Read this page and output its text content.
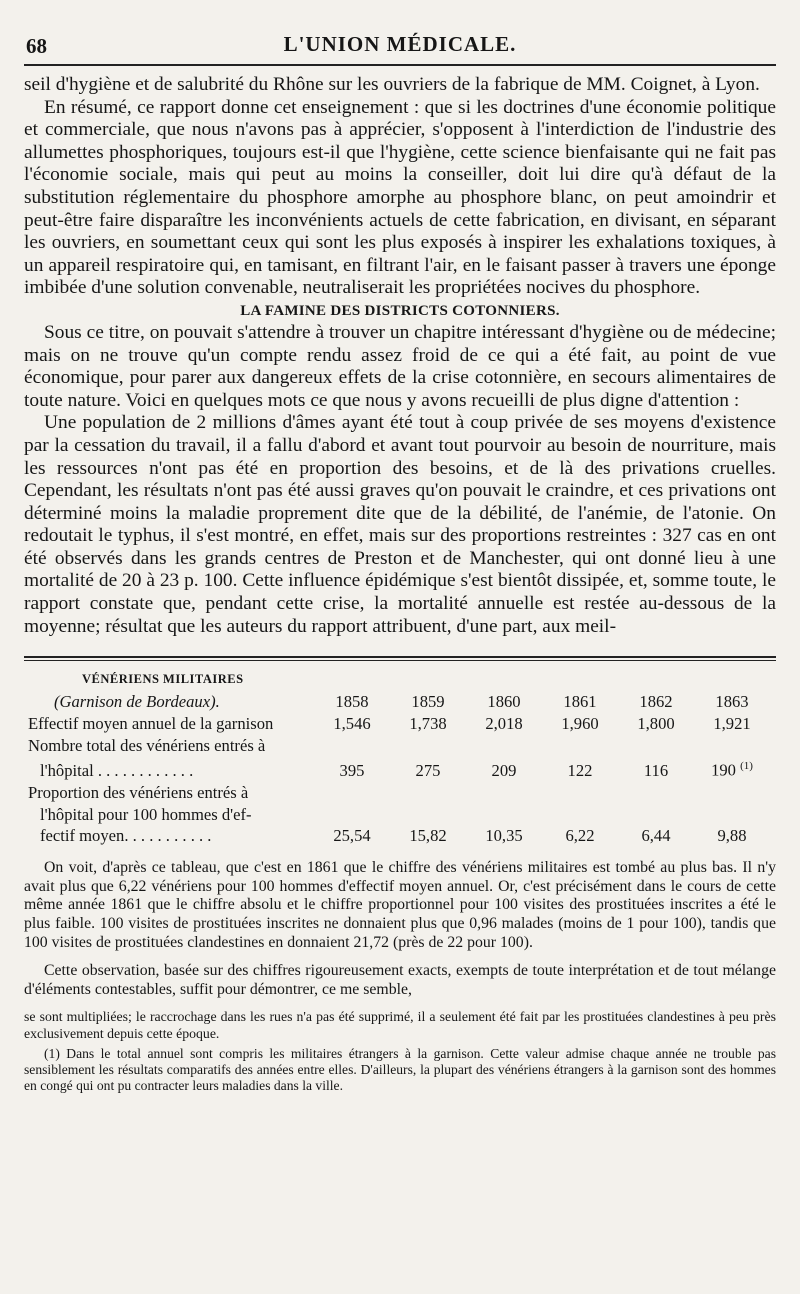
68	L'UNION MÉDICALE.

seil d'hygiène et de salubrité du Rhône sur les ouvriers de la fabrique de MM. Coignet, à Lyon.

En résumé, ce rapport donne cet enseignement : que si les doctrines d'une économie politique et commerciale, que nous n'avons pas à apprécier, s'opposent à l'interdiction de l'industrie des allumettes phosphoriques, toujours est-il que l'hygiène, cette science bienfaisante qui ne fait pas l'économie sociale, mais qui peut au moins la conseiller, doit lui dire qu'à défaut de la substitution réglementaire du phosphore amorphe au phosphore blanc, on peut amoindrir et peut-être faire disparaître les inconvénients actuels de cette fabrication, en divisant, en séparant les ouvriers, en soumettant ceux qui sont les plus exposés à inspirer les exhalations toxiques, à un appareil respiratoire qui, en tamisant, en filtrant l'air, en le faisant passer à travers une éponge imbibée d'une solution convenable, neutraliserait les propriétées nocives du phosphore.

LA FAMINE DES DISTRICTS COTONNIERS.

Sous ce titre, on pouvait s'attendre à trouver un chapitre intéressant d'hygiène ou de médecine; mais on ne trouve qu'un compte rendu assez froid de ce qui a été fait, au point de vue économique, pour parer aux dangereux effets de la crise cotonnière, en secours alimentaires de toute nature. Voici en quelques mots ce que nous y avons recueilli de plus digne d'attention :

Une population de 2 millions d'âmes ayant été tout à coup privée de ses moyens d'existence par la cessation du travail, il a fallu d'abord et avant tout pourvoir au besoin de nourriture, mais les ressources n'ont pas été en proportion des besoins, et de là des privations cruelles. Cependant, les résultats n'ont pas été aussi graves qu'on pouvait le craindre, et ces privations ont déterminé moins la maladie proprement dite que de la débilité, de l'anémie, de l'atonie. On redoutait le typhus, il s'est montré, en effet, mais sur des proportions restreintes : 327 cas en ont été observés dans les grands centres de Preston et de Manchester, qui ont donné lieu à une mortalité de 20 à 23 p. 100. Cette influence épidémique s'est bientôt dissipée, et, somme toute, le rapport constate que, pendant cette crise, la mortalité annuelle est restée au-dessous de la moyenne; résultat que les auteurs du rapport attribuent, d'une part, aux meil-

VÉNÉRIENS MILITAIRES
(Garnison de Bordeaux).	1858	1859	1860	1861	1862	1863
Effectif moyen annuel de la garnison	1,546	1,738	2,018	1,960	1,800	1,921
Nombre total des vénériens entrés à
l'hôpital . . . . . . . . . . . .	395	275	209	122	116	190 $^{(1)}$
Proportion des vénériens entrés à
l'hôpital pour 100 hommes d'ef-
fectif moyen. . . . . . . . . . .	25,54	15,82	10,35	6,22	6,44	9,88

On voit, d'après ce tableau, que c'est en 1861 que le chiffre des vénériens militaires est tombé au plus bas. Il n'y avait plus que 6,22 vénériens pour 100 hommes d'effectif moyen annuel. Or, c'est précisément dans le cours de cette même année 1861 que le chiffre absolu et le chiffre proportionnel pour 100 visites des prostituées inscrites a été le plus faible. 100 visites de prostituées inscrites ne donnaient plus que 0,96 malades (moins de 1 pour 100), tandis que 100 visites de prostituées clandestines en donnaient 21,72 (près de 22 pour 100).

Cette observation, basée sur des chiffres rigoureusement exacts, exempts de toute interprétation et de tout mélange d'éléments contestables, suffit pour démontrer, ce me semble,

se sont multipliées; le raccrochage dans les rues n'a pas été supprimé, il a seulement été fait par les prostituées clandestines à peu près exclusivement depuis cette époque.

(1) Dans le total annuel sont compris les militaires étrangers à la garnison. Cette valeur admise chaque année ne trouble pas sensiblement les résultats comparatifs des années entre elles. D'ailleurs, la plupart des vénériens étrangers à la garnison sont des hommes en congé qui ont pu contracter leurs maladies dans la ville.
